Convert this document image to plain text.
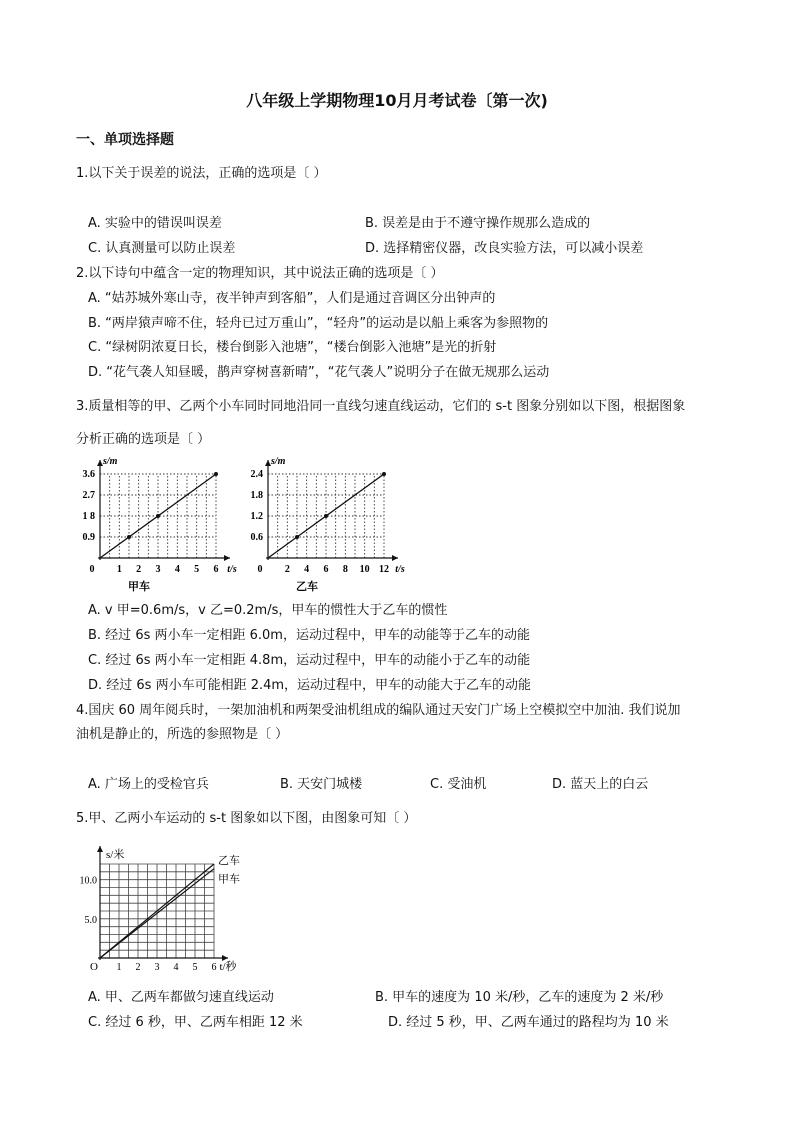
八年级上学期物理10月月考试卷〔第一次)
一、单项选择题
1.以下关于误差的说法，正确的选项是〔 ）
A. 实验中的错误叫误差	B. 误差是由于不遵守操作规那么造成的
C. 认真测量可以防止误差	D. 选择精密仪器，改良实验方法，可以减小误差
2.以下诗句中蕴含一定的物理知识，其中说法正确的选项是〔 ）
A. “姑苏城外寒山寺，夜半钟声到客船”，人们是通过音调区分出钟声的
B. “两岸猿声啼不住，轻舟已过万重山”，“轻舟”的运动是以船上乘客为参照物的
C. “绿树阴浓夏日长，楼台倒影入池塘”，“楼台倒影入池塘”是光的折射
D. “花气袭人知昼暖，鹊声穿树喜新晴”，“花气袭人”说明分子在做无规那么运动
3.质量相等的甲、乙两个小车同时同地沿同一直线匀速直线运动，它们的 s-t 图象分别如以下图，根据图象
分析正确的选项是〔 ）
0 1 2 3 4 5 6
0.9
1 8
2.7
3.6
s/m
t/s
甲车
0 2 4 6 8 10 12
0.6
1.2
1.8
2.4
s/m
t/s
乙车
A. v 甲=0.6m/s，v 乙=0.2m/s，甲车的惯性大于乙车的惯性
B. 经过 6s 两小车一定相距 6.0m，运动过程中，甲车的动能等于乙车的动能
C. 经过 6s 两小车一定相距 4.8m，运动过程中，甲车的动能小于乙车的动能
D. 经过 6s 两小车可能相距 2.4m，运动过程中，甲车的动能大于乙车的动能
4.国庆 60 周年阅兵时，一架加油机和两架受油机组成的编队通过天安门广场上空模拟空中加油. 我们说加
油机是静止的，所选的参照物是〔 ）
A. 广场上的受检官兵	B. 天安门城楼	C. 受油机	D. 蓝天上的白云
5.甲、乙两小车运动的 s-t 图象如以下图，由图象可知〔 ）
乙车
甲车
1 2 3 4 5 6
5.0
10.0
O
s/米
t/秒
A. 甲、乙两车都做匀速直线运动	B. 甲车的速度为 10 米/秒，乙车的速度为 2 米/秒
C. 经过 6 秒，甲、乙两车相距 12 米	D. 经过 5 秒，甲、乙两车通过的路程均为 10 米
